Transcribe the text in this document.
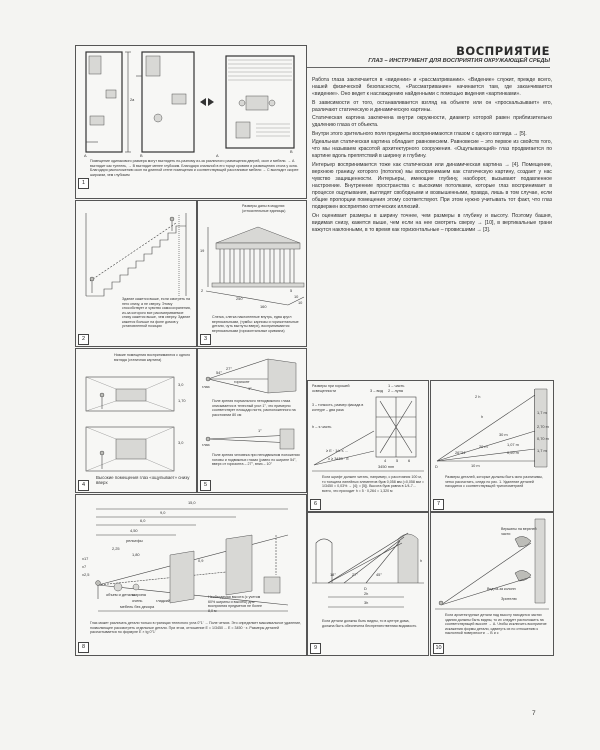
ВОСПРИЯТИЕ
ГЛАЗ – ИНСТРУМЕНТ ДЛЯ ВОСПРИЯТИЯ ОКРУЖАЮЩЕЙ СРЕДЫ

Работа глаза заключается в «видении» и «рассматривании». «Видение» служит, прежде всего, нашей физической безопасности, «Рассматривание» начинается там, где заканчивается «видение». Оно ведет к наслаждению найденными с помощью видения «картинками».

В зависимости от того, останавливается взгляд на объекте или он «проскальзывает» его, различают статическую и динамическую картины.

Статическая картина заключена внутри окружности, диаметр которой равен приблизительно удалению глаза от объекта.

Внутри этого зрительного поля предметы воспринимаются глазом с одного взгляда → [5].

Идеальная статическая картина обладает равновесием. Равновесие – это первое из свойств того, что мы называем красотой архитектурного сооружения. «Ощупывающий» глаз продвигается по картине вдоль препятствий в ширину и глубину.

Интерьер воспринимается тоже как статическая или динамическая картина → [4]. Помещение, верхнюю границу которого (потолок) мы воспринимаем как статическую картину, создает у нас чувство защищенности. Интерьеры, имеющие глубину, наоборот, вызывают подавленное настроение. Внутренние пространства с высокими потолками, которые глаз воспринимает в процессе ощупывания, выглядят свободными и возвышенными, правда, лишь в том случае, если общие пропорции помещения этому соответствуют. При этом нужно учитывать тот факт, что глаз подвержен восприятию оптических иллюзий.

Он оценивает размеры в ширину точнее, чем размеры в глубину и высоту. Поэтому башня, видимая снизу, кажется выше, чем если на нее смотреть сверху → [10], в вертикальные грани кажутся наклонными, в то время как горизонтальные – провисшими → [3].

A	B
2a
A
B
1
Помещение одинакового размера могут выглядеть по-разному из-за различного размещения дверей, окон и мебели. → A выглядит как туннель, → B выглядит менее глубоким. Благодаря спальной в его торце кровати и размещению стола у окна. Благодаря расположению окон на длинной стене помещения и соответствующей расстановке мебели → C выглядит скорее широким, чем глубоким
Здание кажется выше, если смотреть на него снизу, а не сверху. Этому способствует и чувство самосохранения, из-за которого все рассматриваемое снизу кажется выше, чем сверху. Здание кажется больше на фоне домов у установленной позиции
2
Размеры даны в модулях (относительные единицы)
19
160
250
5
10
10
2
Слегка, слегка наклоненные внутрь, едва кругл вертикальными, (тумбы: карнизы и горизонтальные детали, чуть выгнуты вверх), воспринимаются вертикальными (горизонтальные кривизна)
3
Низкие помещения воспринимаются с одного взгляда (статичная картина)
3,0
1,70
3,0
Высокие помещения глаз «ощупывает» снизу вверх
4
глаз
горизонт
27°
54°
1°
глаз
1°
Поле зрения нормального неподвижного глаза описывается в телесный угол 1°, что примерно соответствует площади ногтя, расположенного на расстоянии 80 см
Поле зрения человека при неподвижном положении головы и подвижных глазах (равно по ширине 54°, вверх от горизонта – 27°, вниз – 10°
5
Размеры при хорошей освещенности
1 – часть
2 – лупа
3 – тонкость, размер фасада в контуре – два раза
h – s часть
3 – вид
4	5	6
≥ E · 1/x ≤ ...
3450 mm
x ≥ 3450 · E
Если шрифт должен читать, например, с расстояния 100 м, то толщина линейных элементов букв 0,058 мм (=0,058 мм = 1/3450 = 0,03% → [4]; = [5]). Высота букв равна в 1/4-7... всего, что проходит h = 5 · 0,264 = 1,320 м
6
2 h
h
20 m
10 m
30 m
26°34'	0,59 m
1,07 m
1,7 m
2,70 m
0,70 m
1,7 m
D
Размеры деталей, которые должны быть ясно различимы, четко рассчитать, следя по рис. 1. Удаление деталей находится с соответствующей тригонометрией
7
15,0
9,0
6,0
4,50
2,25
1,80
x17
x7
x2,5
0,9
рельефы
объем и детали
ширина
очень	гладкий
мебель без декора
Необходимая высота (с учетом 60% ширины и высоты) для восприятия предметов не более 8,0 м
Глаз может различать детали только в границах телесного угла 0°1' → Поле четких. Это определяет максимальное удаление, позволяющее рассмотреть отдельные детали. При этом, отношение E = 1/3450 ... E = 3450 · x. Размеры деталей рассчитывается по формуле E × tg 0°1'
8
18°	27°	45°
D
2h
3h
h
Если детали должны быть видны, то в центре дома, должна быть обеспечена беспрепятственная видимость
9
Вершины на верхней части
Вид из-за колонн
Зрителю
Если архитектурные детали над высоту находятся частях здания должны быть видны, то их следует расположить на соответствующей высоте → A. Чтобы исключить восприятие искажения формы детали, сдвинуть их по отношению к наклонной поверхности → B и c
10
7
